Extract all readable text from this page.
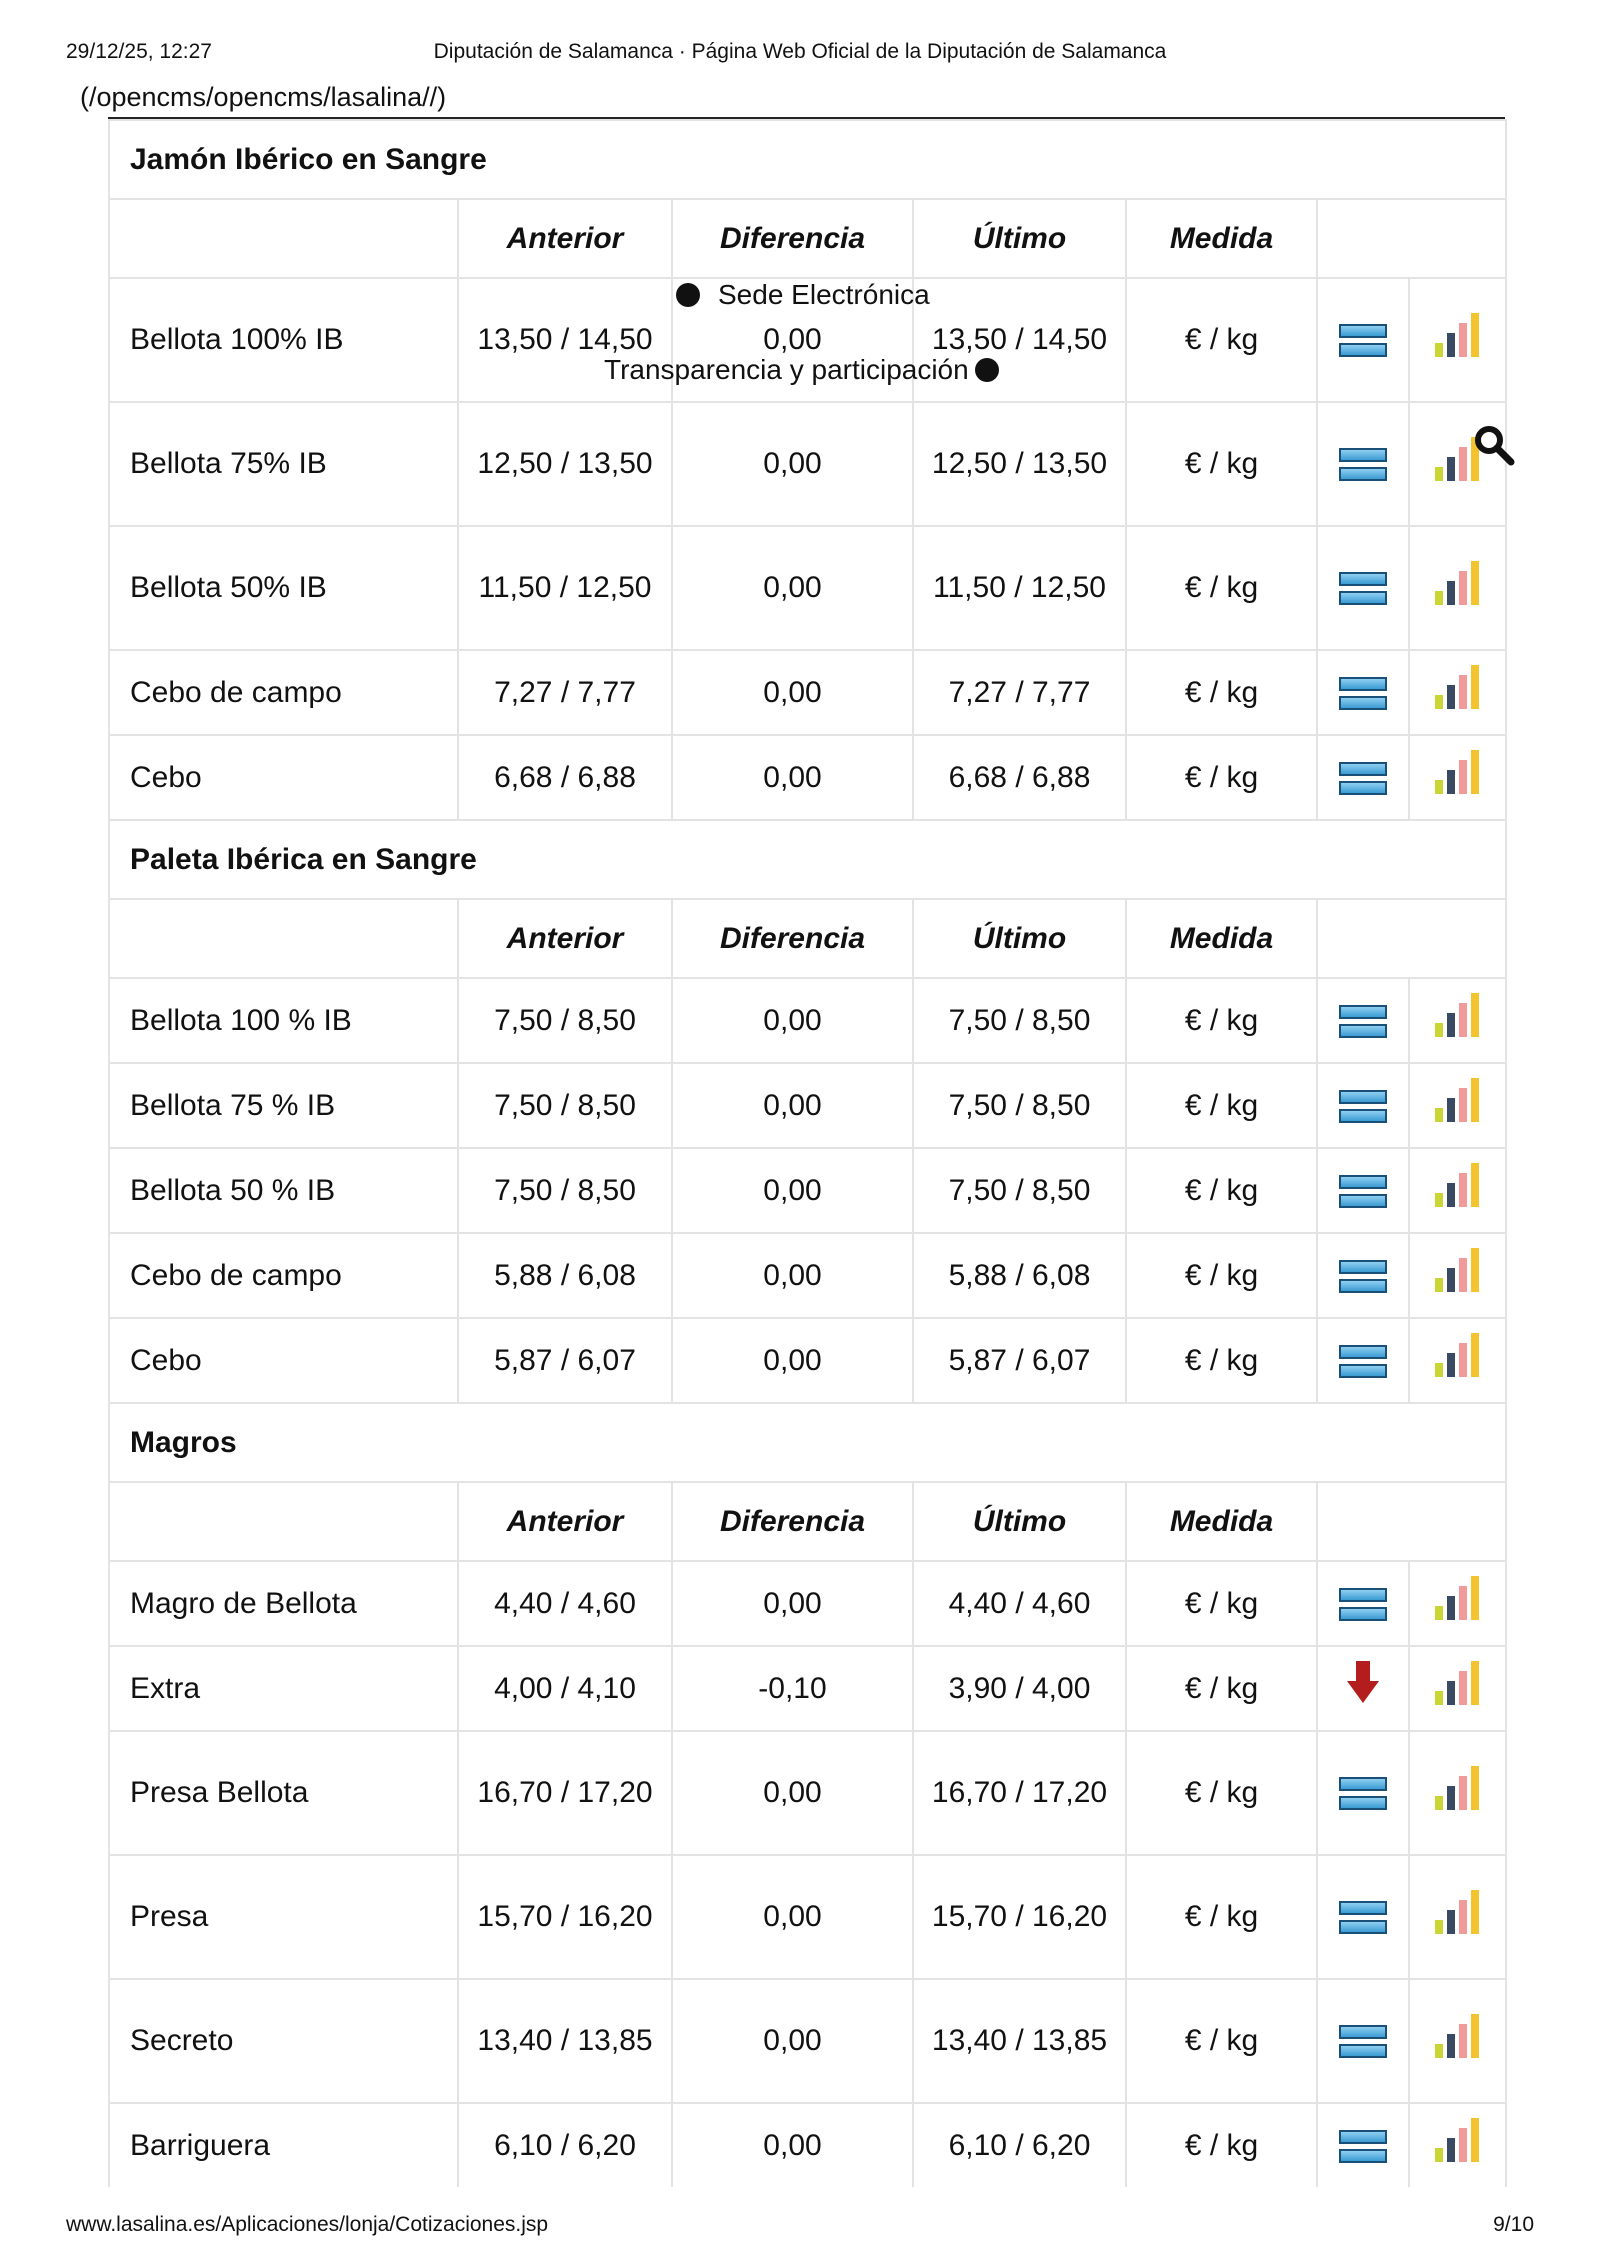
29/12/25, 12:27	Diputación de Salamanca · Página Web Oficial de la Diputación de Salamanca
(/opencms/opencms/lasalina//)
Jamón Ibérico en Sangre						
	Anterior	Diferencia	Último	Medida		
Bellota 100% IB	13,50 / 14,50	0,00	13,50 / 14,50	€ / kg	

Bellota 75% IB	12,50 / 13,50	0,00	12,50 / 13,50	€ / kg	

Bellota 50% IB	11,50 / 12,50	0,00	11,50 / 12,50	€ / kg	

Cebo de campo	7,27 / 7,77	0,00	7,27 / 7,77	€ / kg	

Cebo	6,68 / 6,88	0,00	6,68 / 6,88	€ / kg	

Paleta Ibérica en Sangre						
	Anterior	Diferencia	Último	Medida		
Bellota 100 % IB	7,50 / 8,50	0,00	7,50 / 8,50	€ / kg	

Bellota 75 % IB	7,50 / 8,50	0,00	7,50 / 8,50	€ / kg	

Bellota 50 % IB	7,50 / 8,50	0,00	7,50 / 8,50	€ / kg	

Cebo de campo	5,88 / 6,08	0,00	5,88 / 6,08	€ / kg	

Cebo	5,87 / 6,07	0,00	5,87 / 6,07	€ / kg	

Magros						
	Anterior	Diferencia	Último	Medida		
Magro de Bellota	4,40 / 4,60	0,00	4,40 / 4,60	€ / kg	

Extra	4,00 / 4,10	-0,10	3,90 / 4,00	€ / kg		
Presa Bellota	16,70 / 17,20	0,00	16,70 / 17,20	€ / kg	

Presa	15,70 / 16,20	0,00	15,70 / 16,20	€ / kg	

Secreto	13,40 / 13,85	0,00	13,40 / 13,85	€ / kg	

Barriguera	6,10 / 6,20	0,00	6,10 / 6,20	€ / kg	

Sede Electrónica
Transparencia y participación
www.lasalina.es/Aplicaciones/lonja/Cotizaciones.jsp	9/10
